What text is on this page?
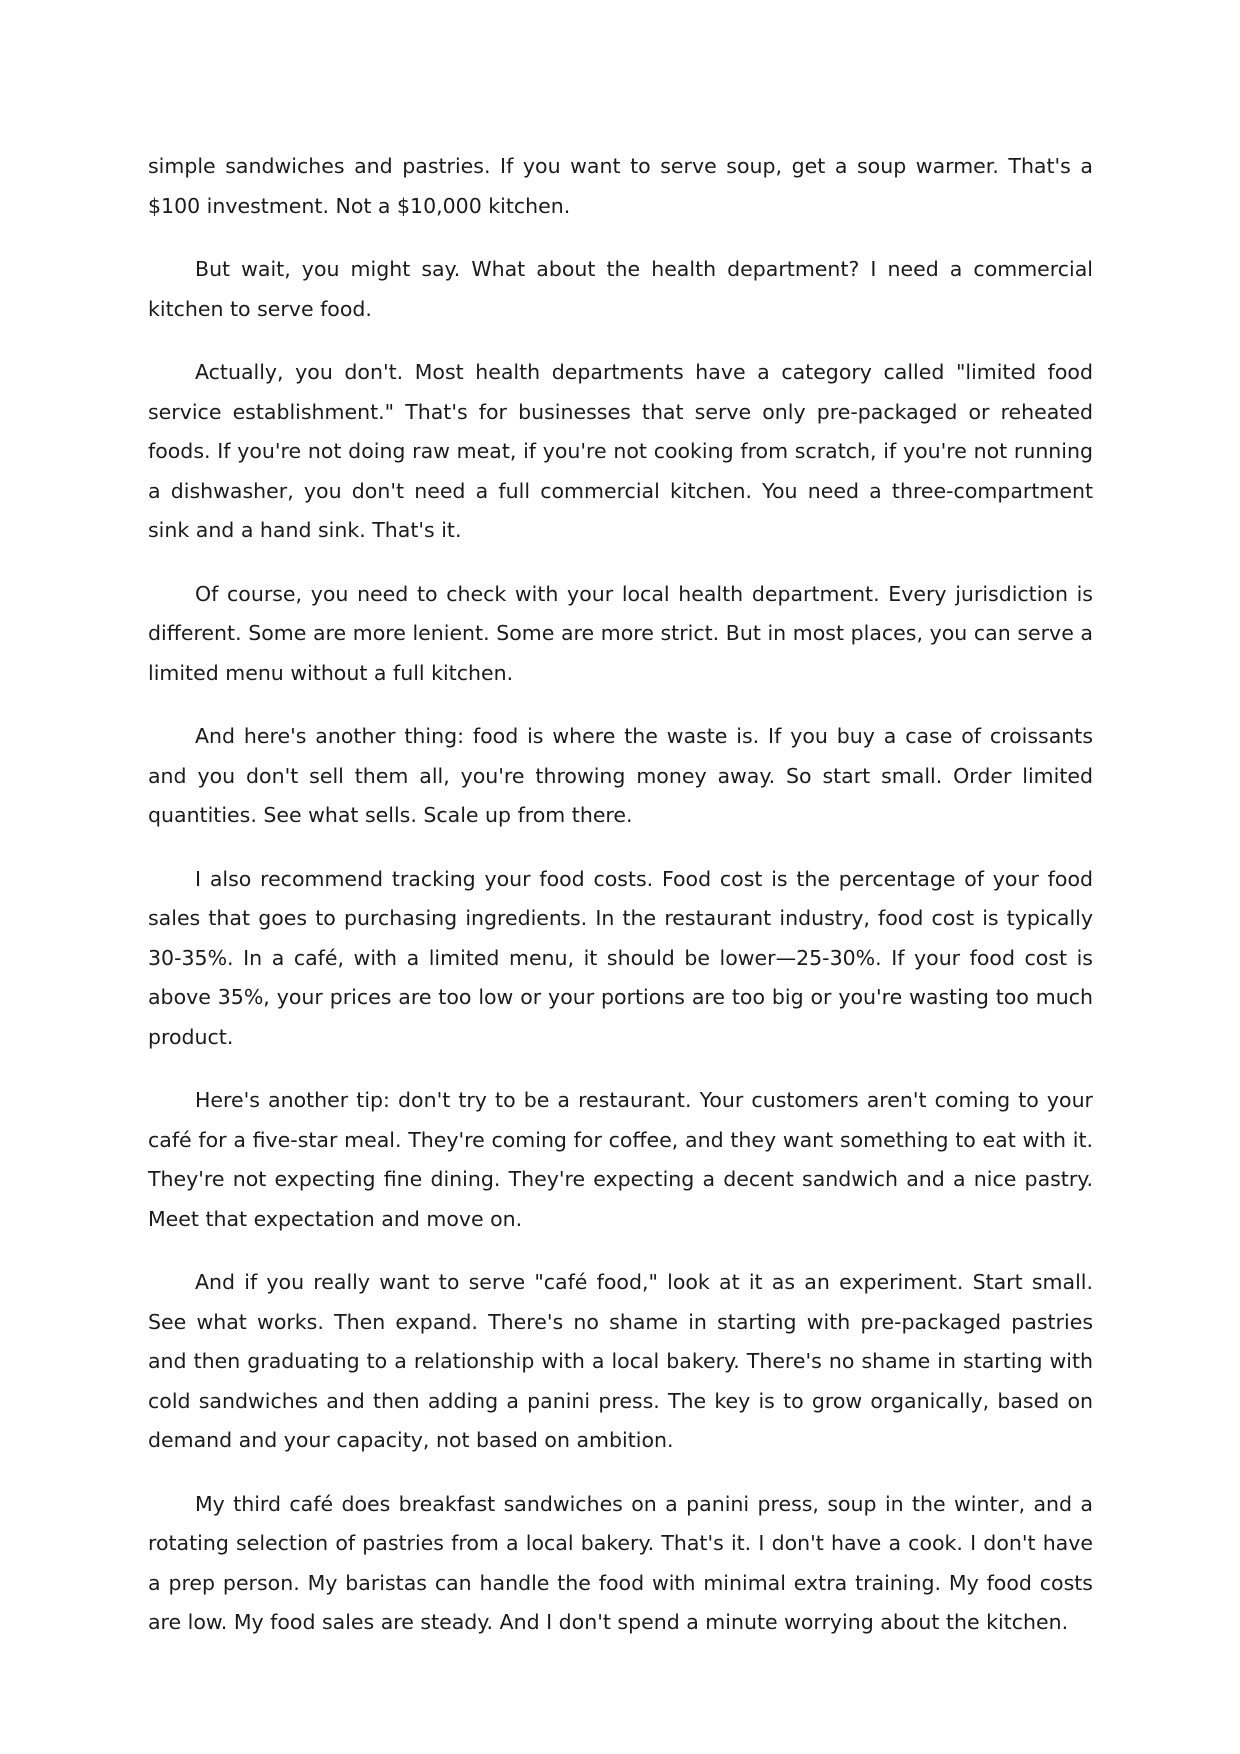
simple sandwiches and pastries. If you want to serve soup, get a soup warmer. That's a $100 investment. Not a $10,000 kitchen.

But wait, you might say. What about the health department? I need a commercial kitchen to serve food.

Actually, you don't. Most health departments have a category called "limited food service establishment." That's for businesses that serve only pre-packaged or reheated foods. If you're not doing raw meat, if you're not cooking from scratch, if you're not running a dishwasher, you don't need a full commercial kitchen. You need a three-compartment sink and a hand sink. That's it.

Of course, you need to check with your local health department. Every jurisdiction is different. Some are more lenient. Some are more strict. But in most places, you can serve a limited menu without a full kitchen.

And here's another thing: food is where the waste is. If you buy a case of croissants and you don't sell them all, you're throwing money away. So start small. Order limited quantities. See what sells. Scale up from there.

I also recommend tracking your food costs. Food cost is the percentage of your food sales that goes to purchasing ingredients. In the restaurant industry, food cost is typically 30-35%. In a café, with a limited menu, it should be lower—25-30%. If your food cost is above 35%, your prices are too low or your portions are too big or you're wasting too much product.

Here's another tip: don't try to be a restaurant. Your customers aren't coming to your café for a five-star meal. They're coming for coffee, and they want something to eat with it. They're not expecting fine dining. They're expecting a decent sandwich and a nice pastry. Meet that expectation and move on.

And if you really want to serve "café food," look at it as an experiment. Start small. See what works. Then expand. There's no shame in starting with pre-packaged pastries and then graduating to a relationship with a local bakery. There's no shame in starting with cold sandwiches and then adding a panini press. The key is to grow organically, based on demand and your capacity, not based on ambition.

My third café does breakfast sandwiches on a panini press, soup in the winter, and a rotating selection of pastries from a local bakery. That's it. I don't have a cook. I don't have a prep person. My baristas can handle the food with minimal extra training. My food costs are low. My food sales are steady. And I don't spend a minute worrying about the kitchen.
